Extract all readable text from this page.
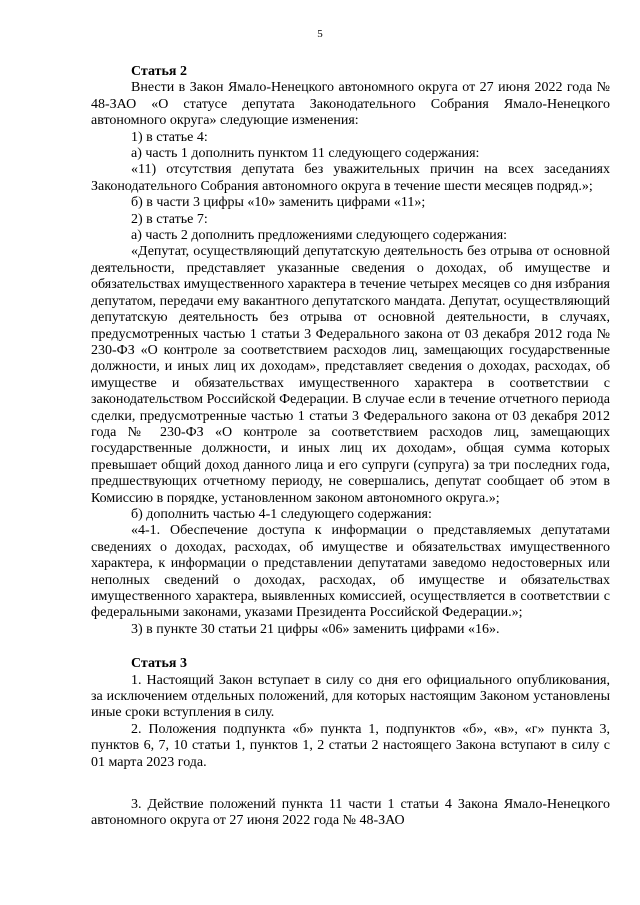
5
Статья 2

Внести в Закон Ямало-Ненецкого автономного округа от 27 июня 2022 года № 48-ЗАО «О статусе депутата Законодательного Собрания Ямало-Ненецкого автономного округа» следующие изменения:

1) в статье 4:

а) часть 1 дополнить пунктом 11 следующего содержания:

«11) отсутствия депутата без уважительных причин на всех заседаниях Законодательного Собрания автономного округа в течение шести месяцев подряд.»;

б) в части 3 цифры «10» заменить цифрами «11»;

2) в статье 7:

а) часть 2 дополнить предложениями следующего содержания:

«Депутат, осуществляющий депутатскую деятельность без отрыва от основной деятельности, представляет указанные сведения о доходах, об имуществе и обязательствах имущественного характера в течение четырех месяцев со дня избрания депутатом, передачи ему вакантного депутатского мандата. Депутат, осуществляющий депутатскую деятельность без отрыва от основной деятельности, в случаях, предусмотренных частью 1 статьи 3 Федерального закона от 03 декабря 2012 года № 230-ФЗ «О контроле за соответствием расходов лиц, замещающих государственные должности, и иных лиц их доходам», представляет сведения о доходах, расходах, об имуществе и обязательствах имущественного характера в соответствии с законодательством Российской Федерации. В случае если в течение отчетного периода сделки, предусмотренные частью 1 статьи 3 Федерального закона от 03 декабря 2012 года № 230-ФЗ «О контроле за соответствием расходов лиц, замещающих государственные должности, и иных лиц их доходам», общая сумма которых превышает общий доход данного лица и его супруги (супруга) за три последних года, предшествующих отчетному периоду, не совершались, депутат сообщает об этом в Комиссию в порядке, установленном законом автономного округа.»;

б) дополнить частью 4-1 следующего содержания:

«4-1. Обеспечение доступа к информации о представляемых депутатами сведениях о доходах, расходах, об имуществе и обязательствах имущественного характера, к информации о представлении депутатами заведомо недостоверных или неполных сведений о доходах, расходах, об имуществе и обязательствах имущественного характера, выявленных комиссией, осуществляется в соответствии с федеральными законами, указами Президента Российской Федерации.»;

3) в пункте 30 статьи 21 цифры «06» заменить цифрами «16».

Статья 3

1. Настоящий Закон вступает в силу со дня его официального опубликования, за исключением отдельных положений, для которых настоящим Законом установлены иные сроки вступления в силу.

2. Положения подпункта «б» пункта 1, подпунктов «б», «в», «г» пункта 3, пунктов 6, 7, 10 статьи 1, пунктов 1, 2 статьи 2 настоящего Закона вступают в силу с 01 марта 2023 года.

3. Действие положений пункта 11 части 1 статьи 4 Закона Ямало-Ненецкого автономного округа от 27 июня 2022 года № 48-ЗАО
